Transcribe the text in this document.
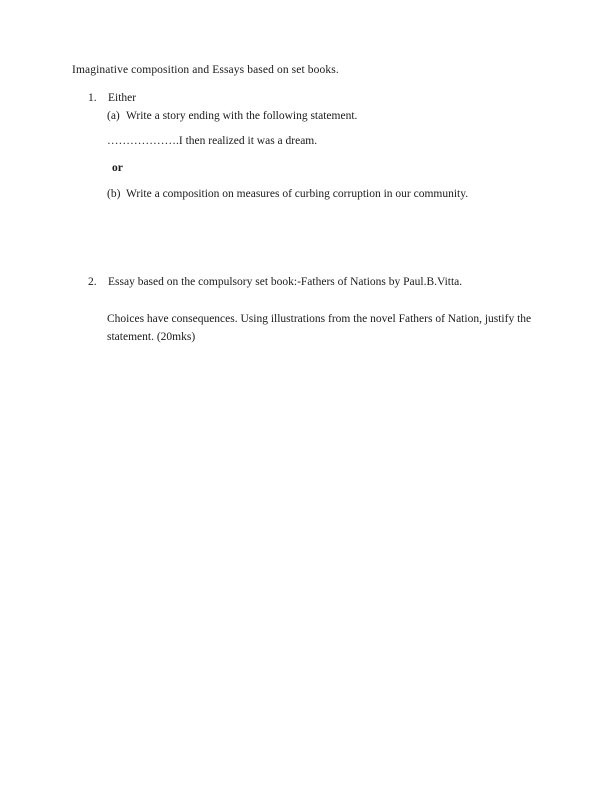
Imaginative composition and Essays based on set books.
1. Either
(a) Write a story ending with the following statement.
……………….I then realized it was a dream.
or
(b) Write a composition on measures of curbing corruption in our community.
2. Essay based on the compulsory set book:-Fathers of Nations by Paul.B.Vitta.
Choices have consequences. Using illustrations from the novel Fathers of Nation, justify the statement. (20mks)
